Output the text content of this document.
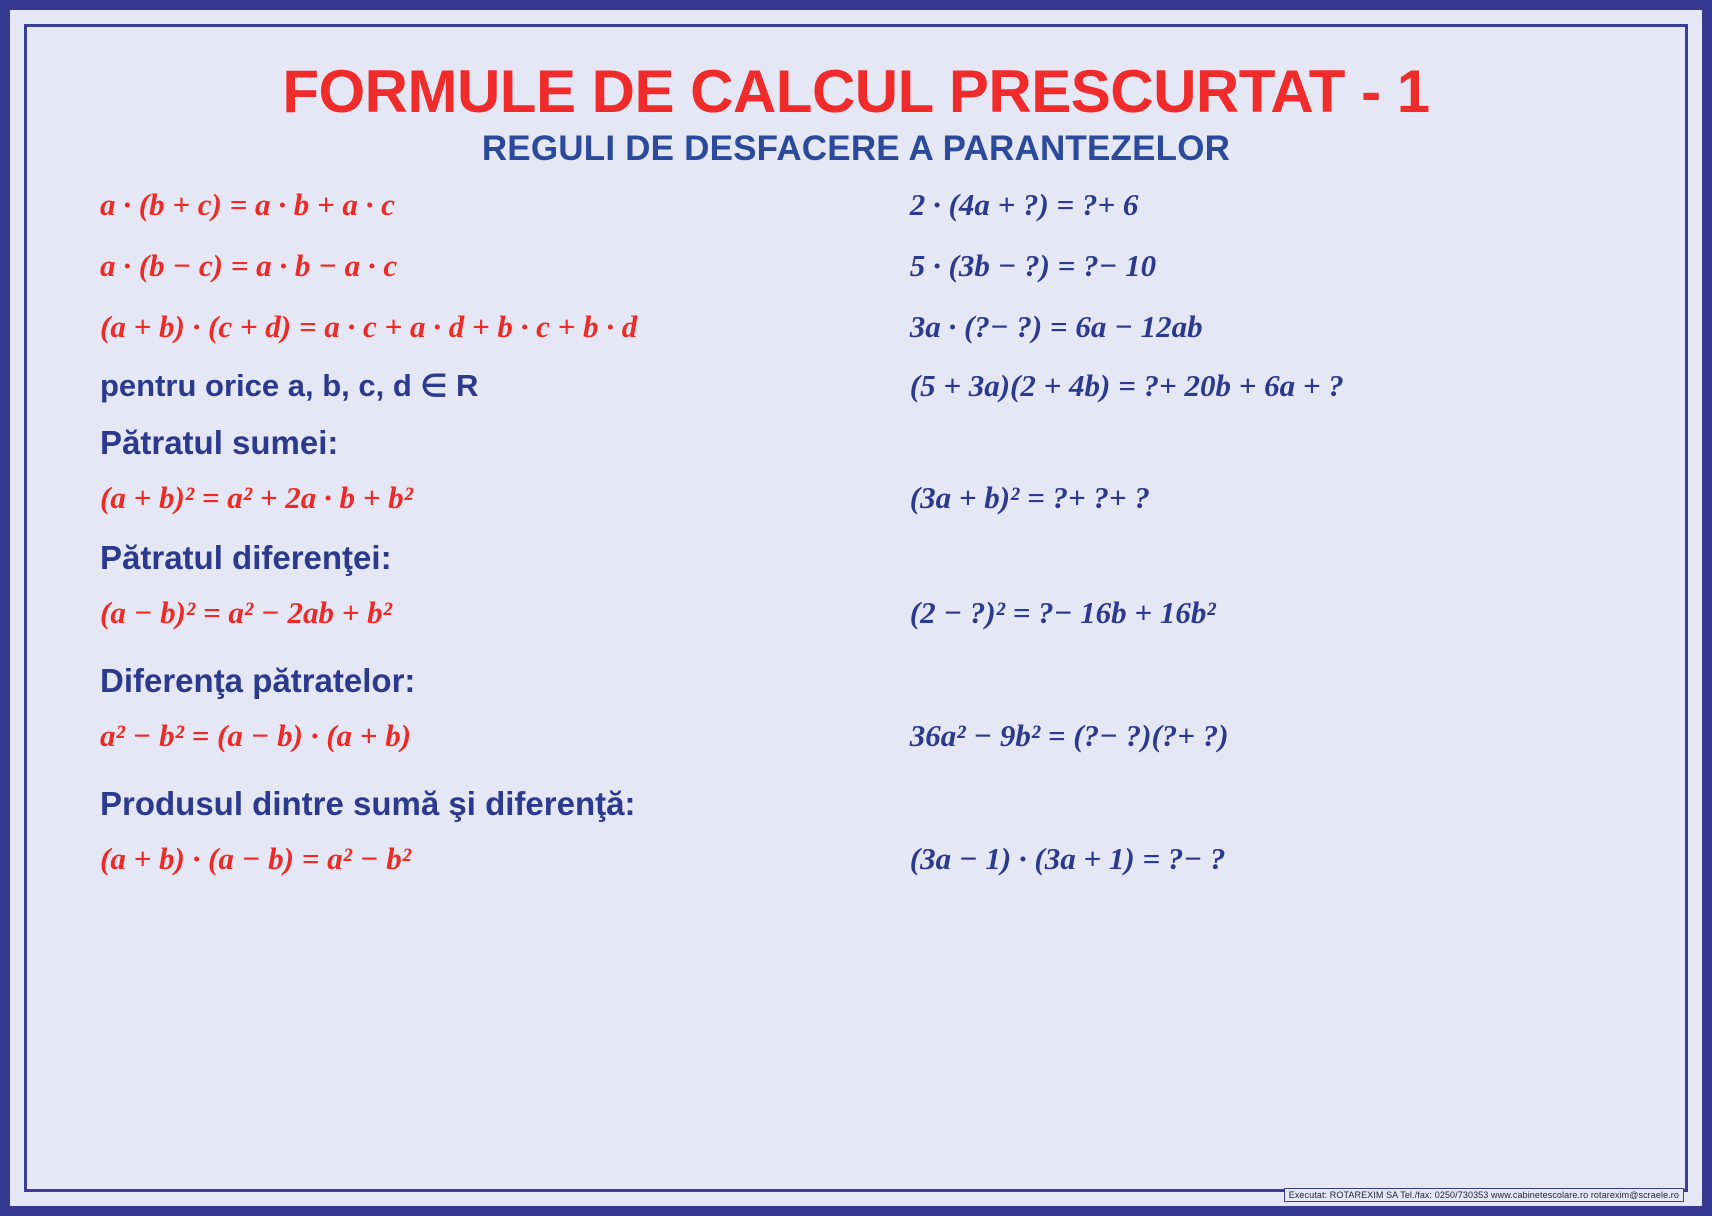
FORMULE DE CALCUL PRESCURTAT - 1
REGULI DE DESFACERE A PARANTEZELOR
a · (b + c) = a · b + a · c	2 · (4a + ?) = ?+ 6
a · (b − c) = a · b − a · c	5 · (3b − ?) = ?− 10
(a + b) · (c + d) = a · c + a · d + b · c + b · d	3a · (?− ?) = 6a − 12ab
pentru orice a, b, c, d ∈ R	(5 + 3a)(2 + 4b) = ?+ 20b + 6a + ?
Pătratul sumei:
(a + b)² = a² + 2a · b + b²	(3a + b)² = ?+ ?+ ?
Pătratul diferenţei:
(a − b)² = a² − 2ab + b²	(2 − ?)² = ?− 16b + 16b²
Diferenţa pătratelor:
a² − b² = (a − b) · (a + b)	36a² − 9b² = (?− ?)(?+ ?)
Produsul dintre sumă şi diferenţă:
(a + b) · (a − b) = a² − b²	(3a − 1) · (3a + 1) = ?− ?
Executat: ROTAREXIM SA Tel./fax: 0250/730353 www.cabinetescolare.ro rotarexim@scraele.ro
